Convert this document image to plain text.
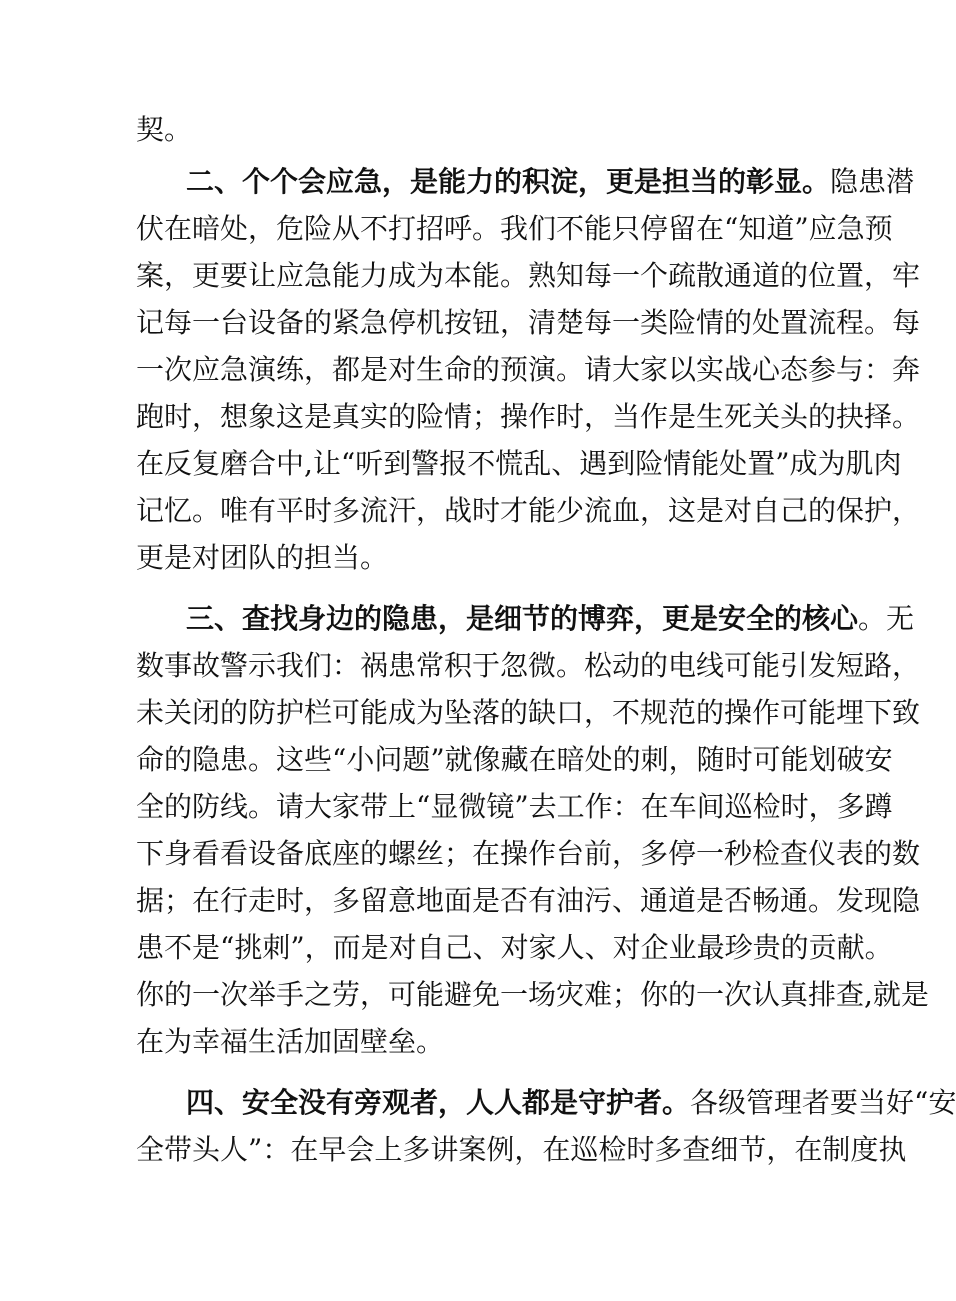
契。
二、个个会应急，是能力的积淀，更是担当的彰显。隐患潜
伏在暗处，危险从不打招呼。我们不能只停留在“知道”应急预
案，更要让应急能力成为本能。熟知每一个疏散通道的位置，牢
记每一台设备的紧急停机按钮，清楚每一类险情的处置流程。每
一次应急演练，都是对生命的预演。请大家以实战心态参与：奔
跑时，想象这是真实的险情；操作时，当作是生死关头的抉择。
在反复磨合中,让“听到警报不慌乱、遇到险情能处置”成为肌肉
记忆。唯有平时多流汗，战时才能少流血，这是对自己的保护，
更是对团队的担当。
三、查找身边的隐患，是细节的博弈，更是安全的核心。无
数事故警示我们：祸患常积于忽微。松动的电线可能引发短路，
未关闭的防护栏可能成为坠落的缺口，不规范的操作可能埋下致
命的隐患。这些“小问题”就像藏在暗处的刺，随时可能划破安
全的防线。请大家带上“显微镜”去工作：在车间巡检时，多蹲
下身看看设备底座的螺丝；在操作台前，多停一秒检查仪表的数
据；在行走时，多留意地面是否有油污、通道是否畅通。发现隐
患不是“挑刺”，而是对自己、对家人、对企业最珍贵的贡献。
你的一次举手之劳，可能避免一场灾难；你的一次认真排查,就是
在为幸福生活加固壁垒。
四、安全没有旁观者，人人都是守护者。各级管理者要当好“安
全带头人”：在早会上多讲案例，在巡检时多查细节，在制度执
